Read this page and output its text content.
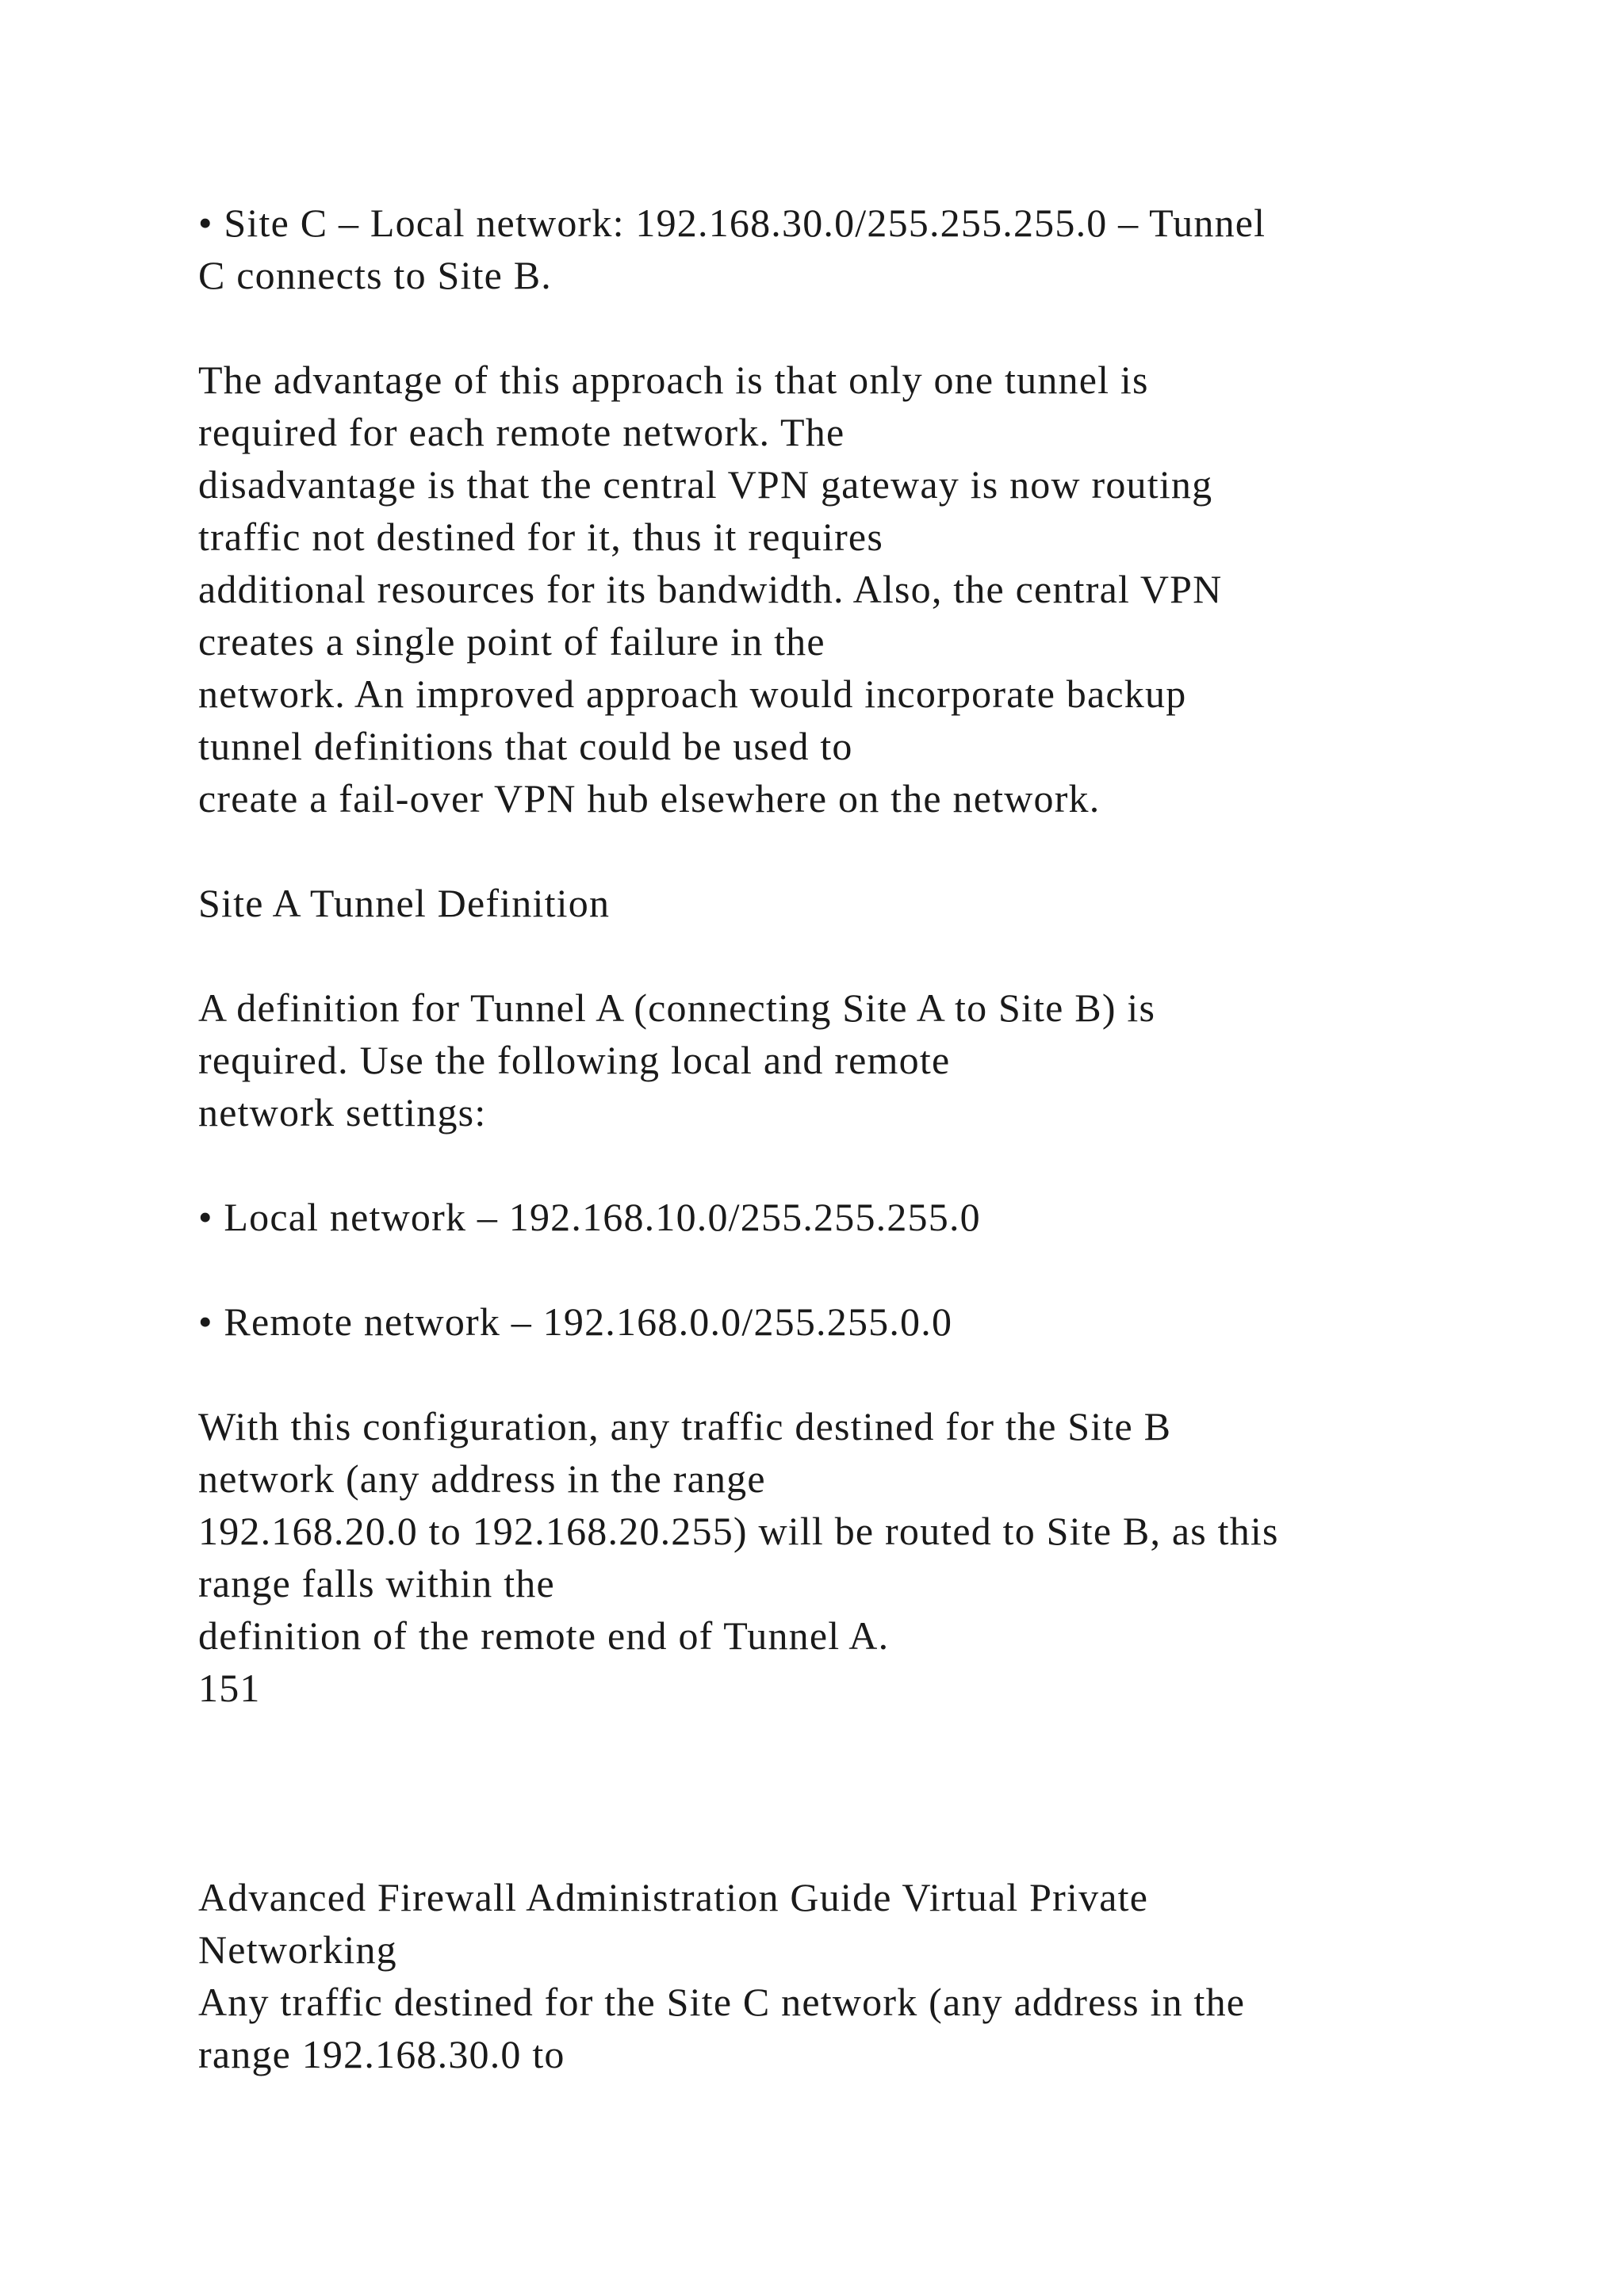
• Site C – Local network: 192.168.30.0/255.255.255.0 – Tunnel
C connects to Site B.
The advantage of this approach is that only one tunnel is
required for each remote network. The
disadvantage is that the central VPN gateway is now routing
traffic not destined for it, thus it requires
additional resources for its bandwidth. Also, the central VPN
creates a single point of failure in the
network. An improved approach would incorporate backup
tunnel definitions that could be used to
create a fail-over VPN hub elsewhere on the network.
Site A Tunnel Definition
A definition for Tunnel A (connecting Site A to Site B) is
required. Use the following local and remote
network settings:
• Local network – 192.168.10.0/255.255.255.0
• Remote network – 192.168.0.0/255.255.0.0
With this configuration, any traffic destined for the Site B
network (any address in the range
192.168.20.0 to 192.168.20.255) will be routed to Site B, as this
range falls within the
definition of the remote end of Tunnel A.
151
Advanced Firewall Administration Guide Virtual Private
Networking
Any traffic destined for the Site C network (any address in the
range 192.168.30.0 to
